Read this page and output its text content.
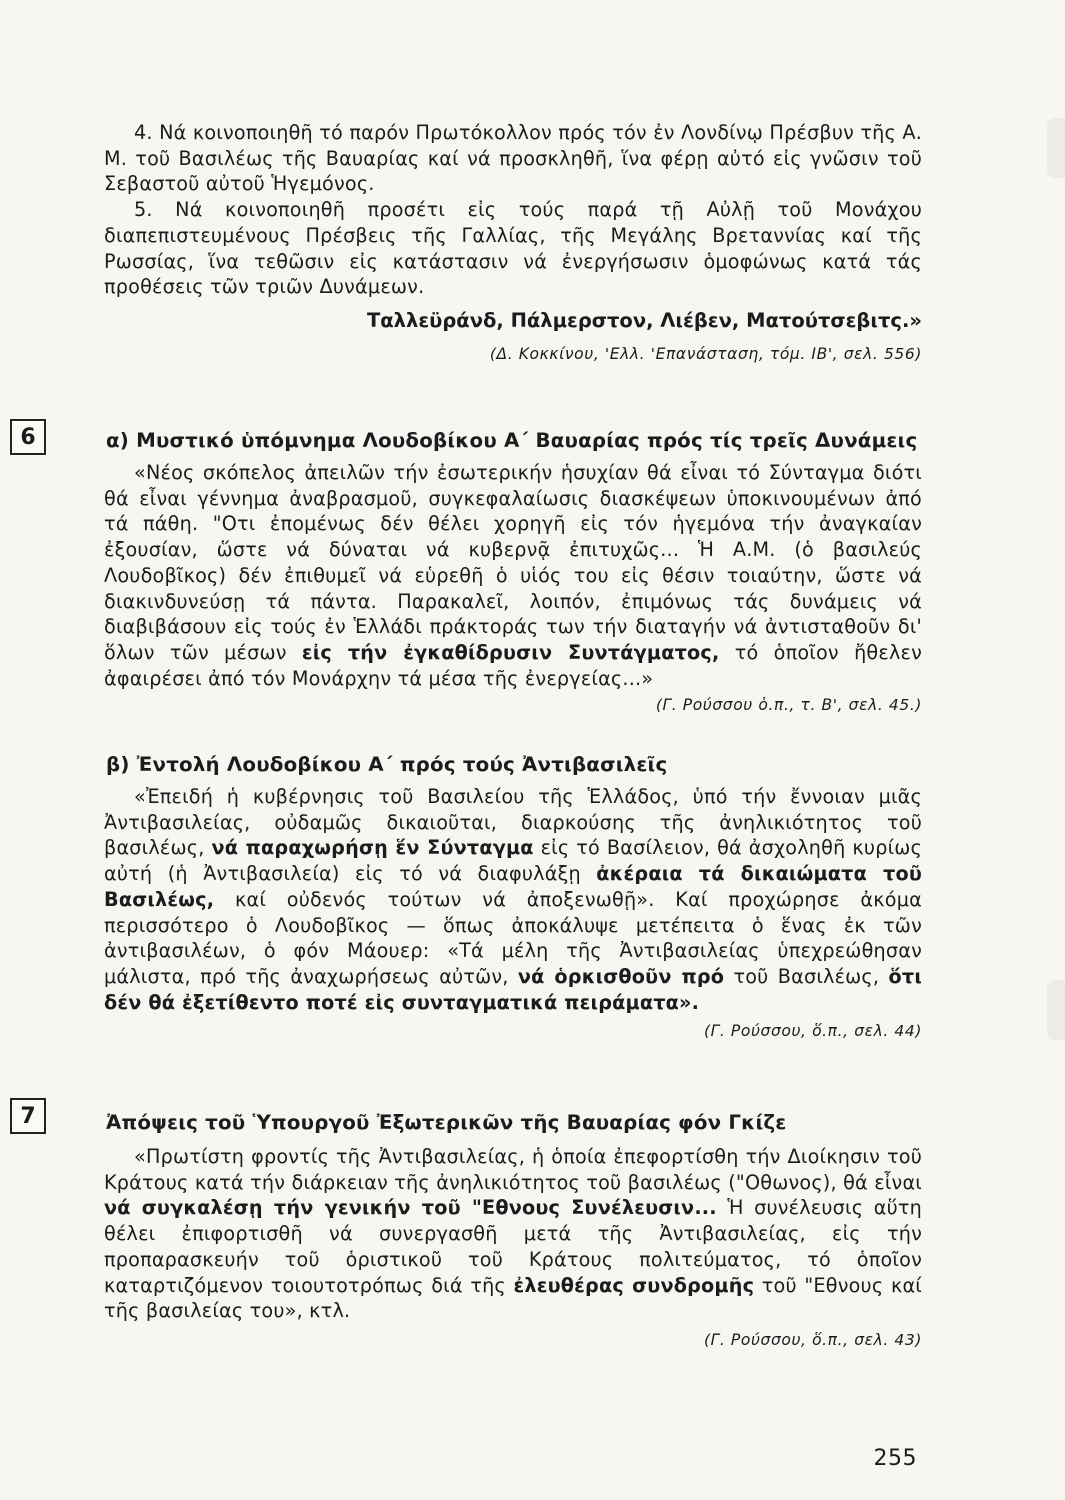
4. Νά κοινοποιηθῆ τό παρόν Πρωτόκολλον πρός τόν ἐν Λονδίνῳ Πρέσβυν τῆς Α. Μ. τοῦ Βασιλέως τῆς Βαυαρίας καί νά προσκληθῆ, ἵνα φέρῃ αὐτό εἰς γνῶσιν τοῦ Σεβαστοῦ αὐτοῦ Ἡγεμόνος.

5. Νά κοινοποιηθῆ προσέτι εἰς τούς παρά τῇ Αὐλῇ τοῦ Μονάχου διαπεπιστευμένους Πρέσβεις τῆς Γαλλίας, τῆς Μεγάλης Βρεταννίας καί τῆς Ρωσσίας, ἵνα τεθῶσιν εἰς κατάστασιν νά ἐνεργήσωσιν ὁμοφώνως κατά τάς προθέσεις τῶν τριῶν Δυνάμεων.

Ταλλεϋράνδ, Πάλμερστον, Λιέβεν, Ματούτσεβιτς.»
(Δ. Κοκκίνου, 'Ελλ. 'Επανάσταση, τόμ. ΙΒ', σελ. 556)
6	α) Μυστικό ὑπόμνημα Λουδοβίκου Α΄ Βαυαρίας πρός τίς τρεῖς Δυνάμεις

«Νέος σκόπελος ἀπειλῶν τήν ἐσωτερικήν ἡσυχίαν θά εἶναι τό Σύνταγμα διότι θά εἶναι γέννημα ἀναβρασμοῦ, συγκεφαλαίωσις διασκέψεων ὑποκινουμένων ἀπό τά πάθη. "Οτι ἐπομένως δέν θέλει χορηγῆ εἰς τόν ἡγεμόνα τήν ἀναγκαίαν ἐξουσίαν, ὥστε νά δύναται νά κυβερνᾷ ἐπιτυχῶς... Ἡ Α.Μ. (ὁ βασιλεύς Λουδοβῖκος) δέν ἐπιθυμεῖ νά εὑρεθῆ ὁ υἱός του εἰς θέσιν τοιαύτην, ὥστε νά διακινδυνεύσῃ τά πάντα. Παρακαλεῖ, λοιπόν, ἐπιμόνως τάς δυνάμεις νά διαβιβάσουν εἰς τούς ἐν Ἑλλάδι πράκτοράς των τήν διαταγήν νά ἀντισταθοῦν δι' ὅλων τῶν μέσων εἰς τήν ἐγκαθίδρυσιν Συντάγματος, τό ὁποῖον ἤθελεν ἀφαιρέσει ἀπό τόν Μονάρχην τά μέσα τῆς ἐνεργείας...»

(Γ. Ρούσσου ὁ.π., τ. Β', σελ. 45.)
β) Ἐντολή Λουδοβίκου Α΄ πρός τούς Ἀντιβασιλεῖς

«Ἐπειδή ἡ κυβέρνησις τοῦ Βασιλείου τῆς Ἑλλάδος, ὑπό τήν ἔννοιαν μιᾶς Ἀντιβασιλείας, οὐδαμῶς δικαιοῦται, διαρκούσης τῆς ἀνηλικιότητος τοῦ βασιλέως, νά παραχωρήσῃ ἕν Σύνταγμα εἰς τό Βασίλειον, θά ἀσχοληθῆ κυρίως αὐτή (ἡ Ἀντιβασιλεία) εἰς τό νά διαφυλάξῃ ἀκέραια τά δικαιώματα τοῦ Βασιλέως, καί οὐδενός τούτων νά ἀποξενωθῇ». Καί προχώρησε ἀκόμα περισσότερο ὁ Λουδοβῖκος — ὅπως ἀποκάλυψε μετέπειτα ὁ ἕνας ἐκ τῶν ἀντιβασιλέων, ὁ φόν Μάουερ: «Τά μέλη τῆς Ἀντιβασιλείας ὑπεχρεώθησαν μάλιστα, πρό τῆς ἀναχωρήσεως αὐτῶν, νά ὁρκισθοῦν πρό τοῦ Βασιλέως, ὅτι δέν θά ἐξετίθεντο ποτέ εἰς συνταγματικά πειράματα».

(Γ. Ρούσσου, ὅ.π., σελ. 44)
7	Ἀπόψεις τοῦ Ὑπουργοῦ Ἐξωτερικῶν τῆς Βαυαρίας φόν Γκίζε

«Πρωτίστη φροντίς τῆς Ἀντιβασιλείας, ἡ ὁποία ἐπεφορτίσθη τήν Διοίκησιν τοῦ Κράτους κατά τήν διάρκειαν τῆς ἀνηλικιότητος τοῦ βασιλέως ("Οθωνος), θά εἶναι νά συγκαλέσῃ τήν γενικήν τοῦ "Εθνους Συνέλευσιν... Ἡ συνέλευσις αὕτη θέλει ἐπιφορτισθῆ νά συνεργασθῆ μετά τῆς Ἀντιβασιλείας, εἰς τήν προπαρασκευήν τοῦ ὁριστικοῦ τοῦ Κράτους πολιτεύματος, τό ὁποῖον καταρτιζόμενον τοιουτοτρόπως διά τῆς ἐλευθέρας συνδρομῆς τοῦ "Εθνους καί τῆς βασιλείας του», κτλ.

(Γ. Ρούσσου, ὅ.π., σελ. 43)
255
